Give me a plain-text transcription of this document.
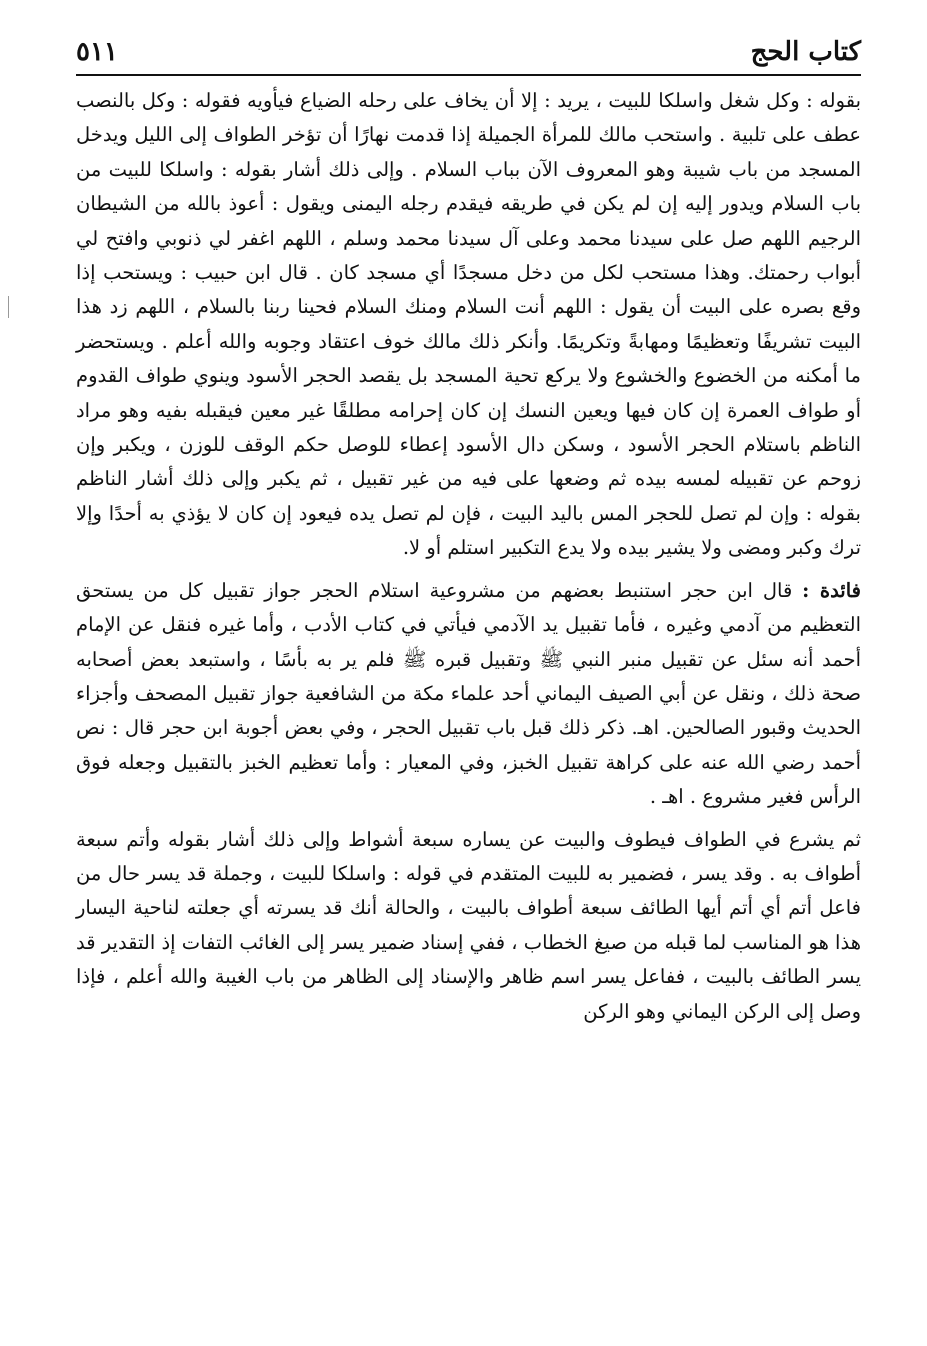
كتاب الحج
٥١١

بقوله : وكل شغل واسلكا للبيت ، يريد : إلا أن يخاف على رحله الضياع فيأويه فقوله : وكل بالنصب عطف على تلبية . واستحب مالك للمرأة الجميلة إذا قدمت نهارًا أن تؤخر الطواف إلى الليل ويدخل المسجد من باب شيبة وهو المعروف الآن بباب السلام . وإلى ذلك أشار بقوله : واسلكا للبيت من باب السلام ويدور إليه إن لم يكن في طريقه فيقدم رجله اليمنى ويقول : أعوذ بالله من الشيطان الرجيم اللهم صل على سيدنا محمد وعلى آل سيدنا محمد وسلم ، اللهم اغفر لي ذنوبي وافتح لي أبواب رحمتك. وهذا مستحب لكل من دخل مسجدًا أي مسجد كان . قال ابن حبيب : ويستحب إذا وقع بصره على البيت أن يقول : اللهم أنت السلام ومنك السلام فحينا ربنا بالسلام ، اللهم زد هذا البيت تشريفًا وتعظيمًا ومهابةً وتكريمًا. وأنكر ذلك مالك خوف اعتقاد وجوبه والله أعلم . ويستحضر ما أمكنه من الخضوع والخشوع ولا يركع تحية المسجد بل يقصد الحجر الأسود وينوي طواف القدوم أو طواف العمرة إن كان فيها ويعين النسك إن كان إحرامه مطلقًا غير معين فيقبله بفيه وهو مراد الناظم باستلام الحجر الأسود ، وسكن دال الأسود إعطاء للوصل حكم الوقف للوزن ، ويكبر وإن زوحم عن تقبيله لمسه بيده ثم وضعها على فيه من غير تقبيل ، ثم يكبر وإلى ذلك أشار الناظم بقوله : وإن لم تصل للحجر المس باليد البيت ، فإن لم تصل يده فيعود إن كان لا يؤذي به أحدًا وإلا ترك وكبر ومضى ولا يشير بيده ولا يدع التكبير استلم أو لا.

فائدة : قال ابن حجر استنبط بعضهم من مشروعية استلام الحجر جواز تقبيل كل من يستحق التعظيم من آدمي وغيره ، فأما تقبيل يد الآدمي فيأتي في كتاب الأدب ، وأما غيره فنقل عن الإمام أحمد أنه سئل عن تقبيل منبر النبي ﷺ وتقبيل قبره ﷺ فلم ير به بأسًا ، واستبعد بعض أصحابه صحة ذلك ، ونقل عن أبي الصيف اليماني أحد علماء مكة من الشافعية جواز تقبيل المصحف وأجزاء الحديث وقبور الصالحين. اهـ. ذكر ذلك قبل باب تقبيل الحجر ، وفي بعض أجوبة ابن حجر قال : نص أحمد رضي الله عنه على كراهة تقبيل الخبز، وفي المعيار : وأما تعظيم الخبز بالتقبيل وجعله فوق الرأس فغير مشروع . اهـ .

ثم يشرع في الطواف فيطوف والبيت عن يساره سبعة أشواط وإلى ذلك أشار بقوله وأتم سبعة أطواف به . وقد يسر ، فضمير به للبيت المتقدم في قوله : واسلكا للبيت ، وجملة قد يسر حال من فاعل أتم أي أتم أيها الطائف سبعة أطواف بالبيت ، والحالة أنك قد يسرته أي جعلته لناحية اليسار هذا هو المناسب لما قبله من صيغ الخطاب ، ففي إسناد ضمير يسر إلى الغائب التفات إذ التقدير قد يسر الطائف بالبيت ، ففاعل يسر اسم ظاهر والإسناد إلى الظاهر من باب الغيبة والله أعلم ، فإذا وصل إلى الركن اليماني وهو الركن
